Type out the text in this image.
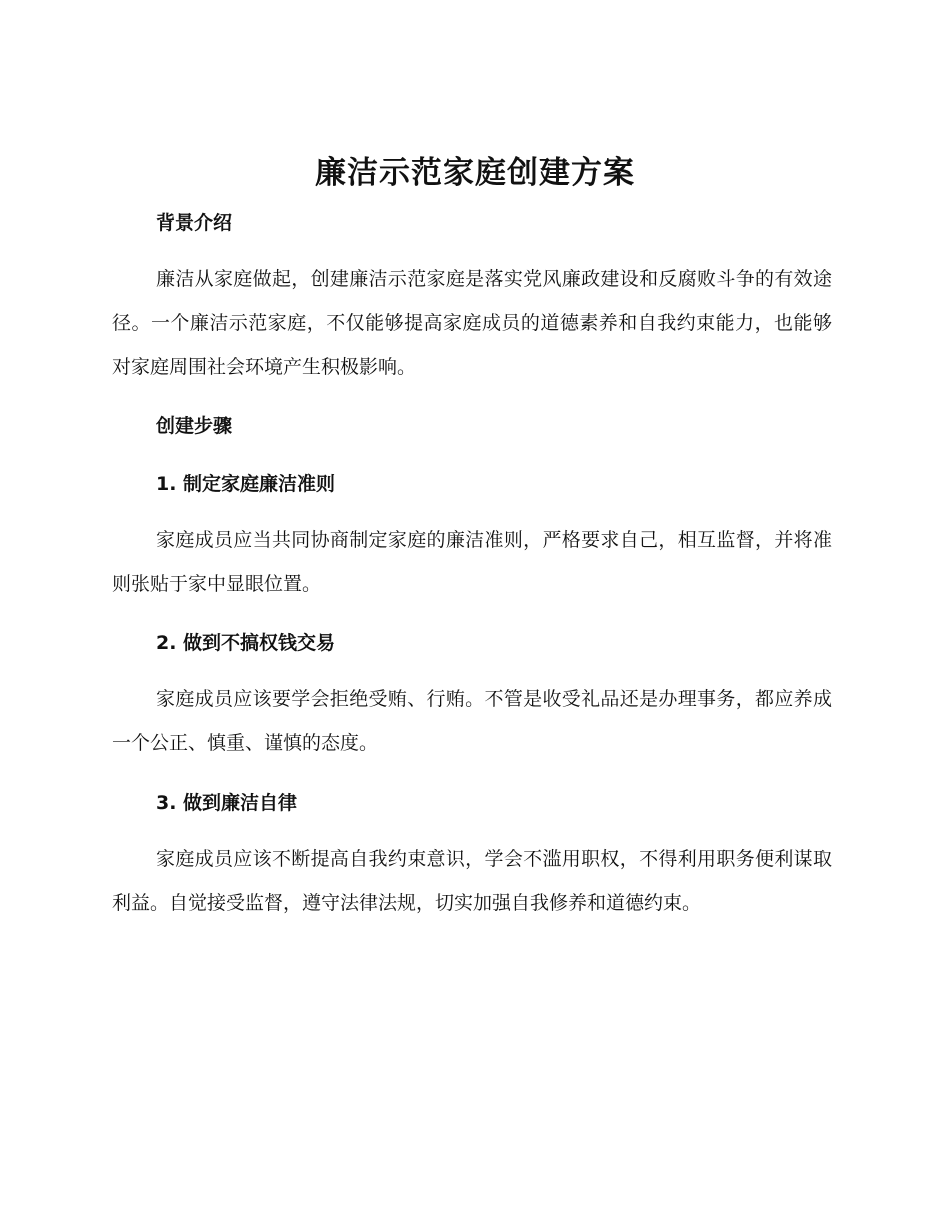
廉洁示范家庭创建方案
背景介绍

廉洁从家庭做起，创建廉洁示范家庭是落实党风廉政建设和反腐败斗争的有效途径。一个廉洁示范家庭，不仅能够提高家庭成员的道德素养和自我约束能力，也能够对家庭周围社会环境产生积极影响。

创建步骤
1. 制定家庭廉洁准则

家庭成员应当共同协商制定家庭的廉洁准则，严格要求自己，相互监督，并将准则张贴于家中显眼位置。

2. 做到不搞权钱交易

家庭成员应该要学会拒绝受贿、行贿。不管是收受礼品还是办理事务，都应养成一个公正、慎重、谨慎的态度。

3. 做到廉洁自律

家庭成员应该不断提高自我约束意识，学会不滥用职权，不得利用职务便利谋取利益。自觉接受监督，遵守法律法规，切实加强自我修养和道德约束。
